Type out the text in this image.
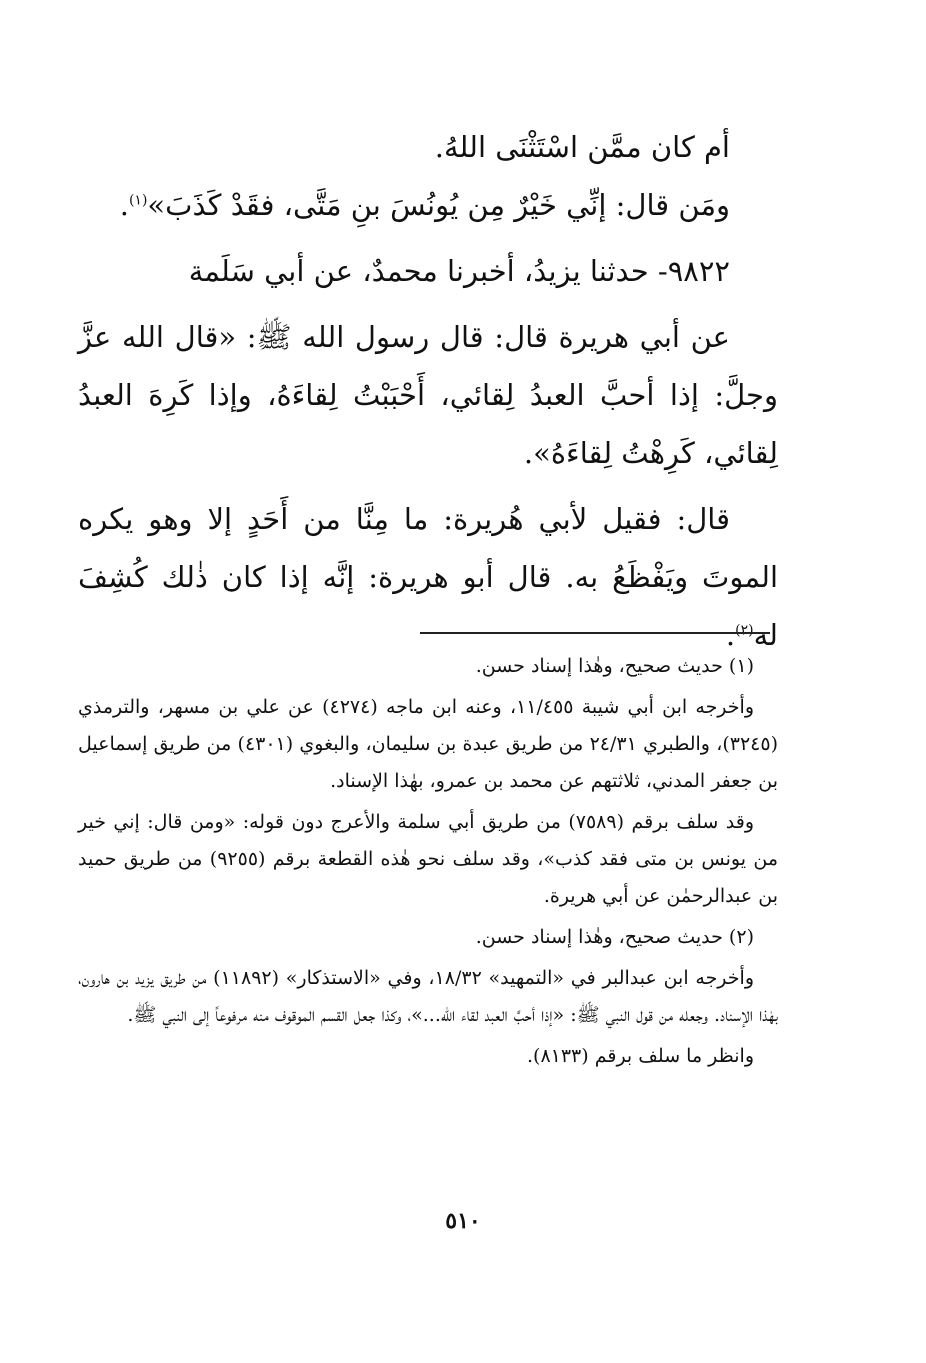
أم كان ممَّن اسْتَثْنَى اللهُ.

ومَن قال: إنِّي خَيْرٌ مِن يُونُسَ بنِ مَتَّى، فقَدْ كَذَبَ»$^{(١)}$.

٩٨٢٢- حدثنا يزيدُ، أخبرنا محمدٌ، عن أبي سَلَمة

عن أبي هريرة قال: قال رسول الله ﷺ: «قال الله عزَّ وجلَّ: إذا أحبَّ العبدُ لِقائي، أَحْبَبْتُ لِقاءَهُ، وإذا كَرِهَ العبدُ لِقائي، كَرِهْتُ لِقاءَهُ».

قال: فقيل لأبي هُريرة: ما مِنَّا من أَحَدٍ إلا وهو يكره الموتَ ويَفْظَعُ به. قال أبو هريرة: إنَّه إذا كان ذٰلك كُشِفَ له$^{(٢)}$.

(١) حديث صحيح، وهٰذا إسناد حسن.

وأخرجه ابن أبي شيبة ١١/٤٥٥، وعنه ابن ماجه (٤٢٧٤) عن علي بن مسهر، والترمذي (٣٢٤٥)، والطبري ٢٤/٣١ من طريق عبدة بن سليمان، والبغوي (٤٣٠١) من طريق إسماعيل بن جعفر المدني، ثلاثتهم عن محمد بن عمرو، بهٰذا الإسناد.

وقد سلف برقم (٧٥٨٩) من طريق أبي سلمة والأعرج دون قوله: «ومن قال: إني خير من يونس بن متى فقد كذب»، وقد سلف نحو هٰذه القطعة برقم (٩٢٥٥) من طريق حميد بن عبدالرحمٰن عن أبي هريرة.

(٢) حديث صحيح، وهٰذا إسناد حسن.

وأخرجه ابن عبدالبر في «التمهيد» ١٨/٣٢، وفي «الاستذكار» (١١٨٩٢) من طريق يزيد بن هارون، بهٰذا الإسناد. وجعله من قول النبي ﷺ: «إذا أحبَّ العبد لقاء الله...»، وكذا جعل القسم الموقوف منه مرفوعاً إلى النبي ﷺ.

وانظر ما سلف برقم (٨١٣٣).

٥١٠
